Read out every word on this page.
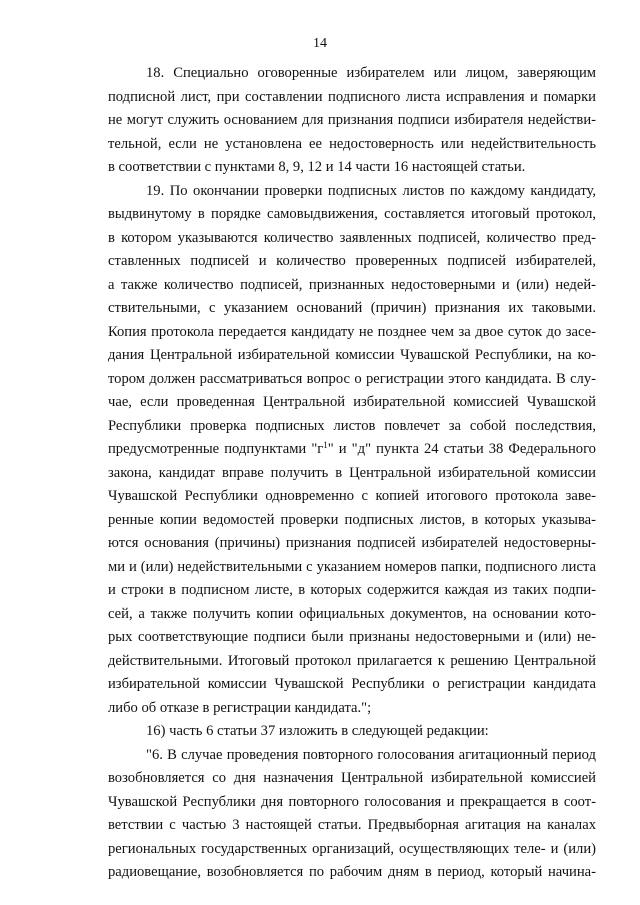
14

18. Специально оговоренные избирателем или лицом, заверяющим
подписной лист, при составлении подписного листа исправления и помарки
не могут служить основанием для признания подписи избирателя недействи-
тельной, если не установлена ее недостоверность или недействительность
в соответствии с пунктами 8, 9, 12 и 14 части 16 настоящей статьи.

19. По окончании проверки подписных листов по каждому кандидату,
выдвинутому в порядке самовыдвижения, составляется итоговый протокол,
в котором указываются количество заявленных подписей, количество пред-
ставленных подписей и количество проверенных подписей избирателей,
а также количество подписей, признанных недостоверными и (или) недей-
ствительными, с указанием оснований (причин) признания их таковыми.
Копия протокола передается кандидату не позднее чем за двое суток до засе-
дания Центральной избирательной комиссии Чувашской Республики, на ко-
тором должен рассматриваться вопрос о регистрации этого кандидата. В слу-
чае, если проведенная Центральной избирательной комиссией Чувашской
Республики проверка подписных листов повлечет за собой последствия,
предусмотренные подпунктами "$г^1$" и "д" пункта 24 статьи 38 Федерального
закона, кандидат вправе получить в Центральной избирательной комиссии
Чувашской Республики одновременно с копией итогового протокола заве-
ренные копии ведомостей проверки подписных листов, в которых указыва-
ются основания (причины) признания подписей избирателей недостоверны-
ми и (или) недействительными с указанием номеров папки, подписного листа
и строки в подписном листе, в которых содержится каждая из таких подпи-
сей, а также получить копии официальных документов, на основании кото-
рых соответствующие подписи были признаны недостоверными и (или) не-
действительными. Итоговый протокол прилагается к решению Центральной
избирательной комиссии Чувашской Республики о регистрации кандидата
либо об отказе в регистрации кандидата.";

16) часть 6 статьи 37 изложить в следующей редакции:

"6. В случае проведения повторного голосования агитационный период
возобновляется со дня назначения Центральной избирательной комиссией
Чувашской Республики дня повторного голосования и прекращается в соот-
ветствии с частью 3 настоящей статьи. Предвыборная агитация на каналах
региональных государственных организаций, осуществляющих теле- и (или)
радиовещание, возобновляется по рабочим дням в период, который начина-
